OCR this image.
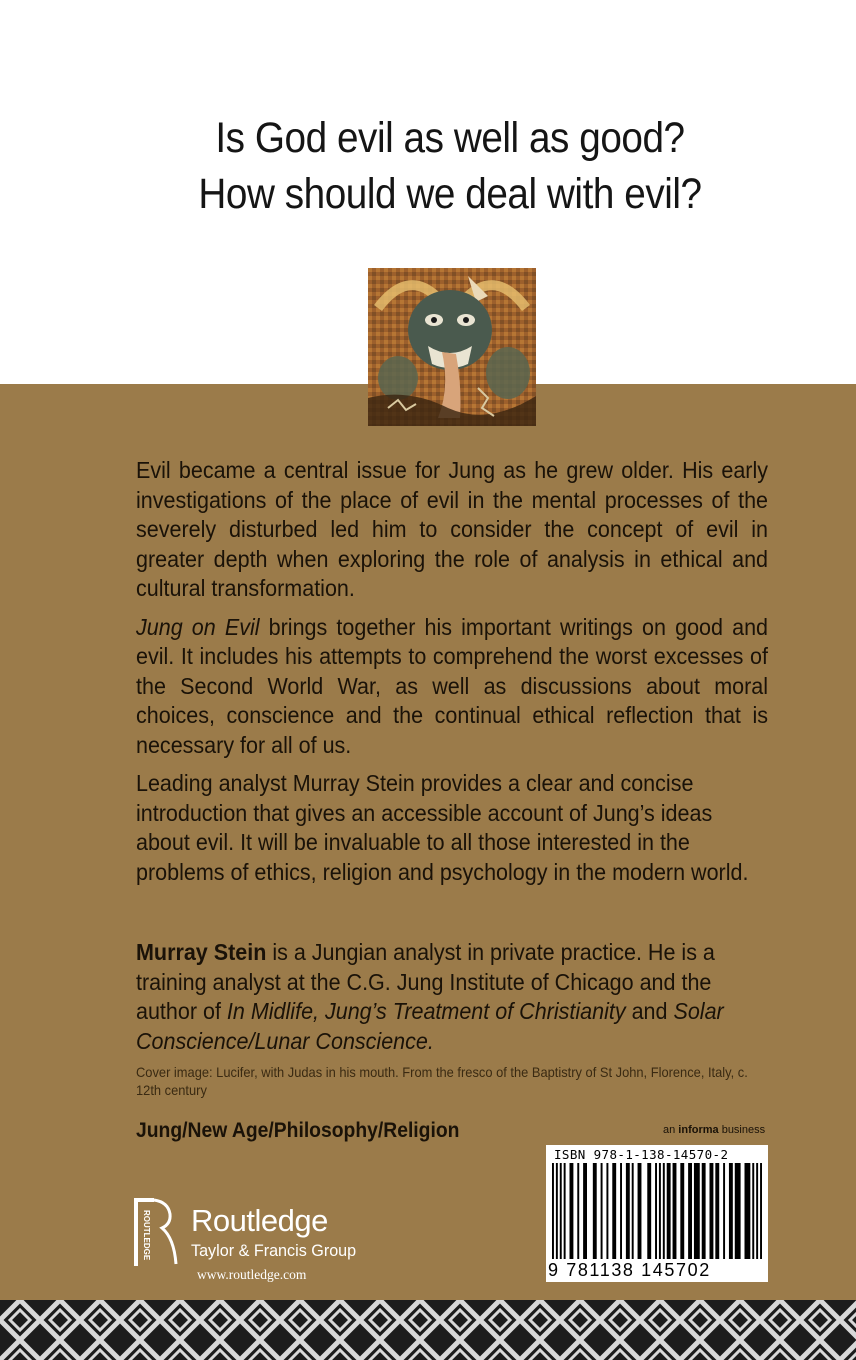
Is God evil as well as good?
How should we deal with evil?

Evil became a central issue for Jung as he grew older. His early investigations of the place of evil in the mental processes of the severely disturbed led him to consider the concept of evil in greater depth when exploring the role of analysis in ethical and cultural transformation.

Jung on Evil brings together his important writings on good and evil. It includes his attempts to comprehend the worst excesses of the Second World War, as well as discussions about moral choices, conscience and the continual ethical reflection that is necessary for all of us.

Leading analyst Murray Stein provides a clear and concise introduction that gives an accessible account of Jung’s ideas about evil. It will be invaluable to all those interested in the problems of ethics, religion and psychology in the modern world.

Murray Stein is a Jungian analyst in private practice. He is a training analyst at the C.G. Jung Institute of Chicago and the author of In Midlife, Jung’s Treatment of Christianity and Solar Conscience/Lunar Conscience.

Cover image: Lucifer, with Judas in his mouth. From the fresco of the Baptistry of St John, Florence, Italy, c. 12th century

Jung/New Age/Philosophy/Religion	an informa business
ISBN 978-1-138-14570-2
9 781138 145702
ROUTLEDGE Routledge
Taylor & Francis Group
www.routledge.com
